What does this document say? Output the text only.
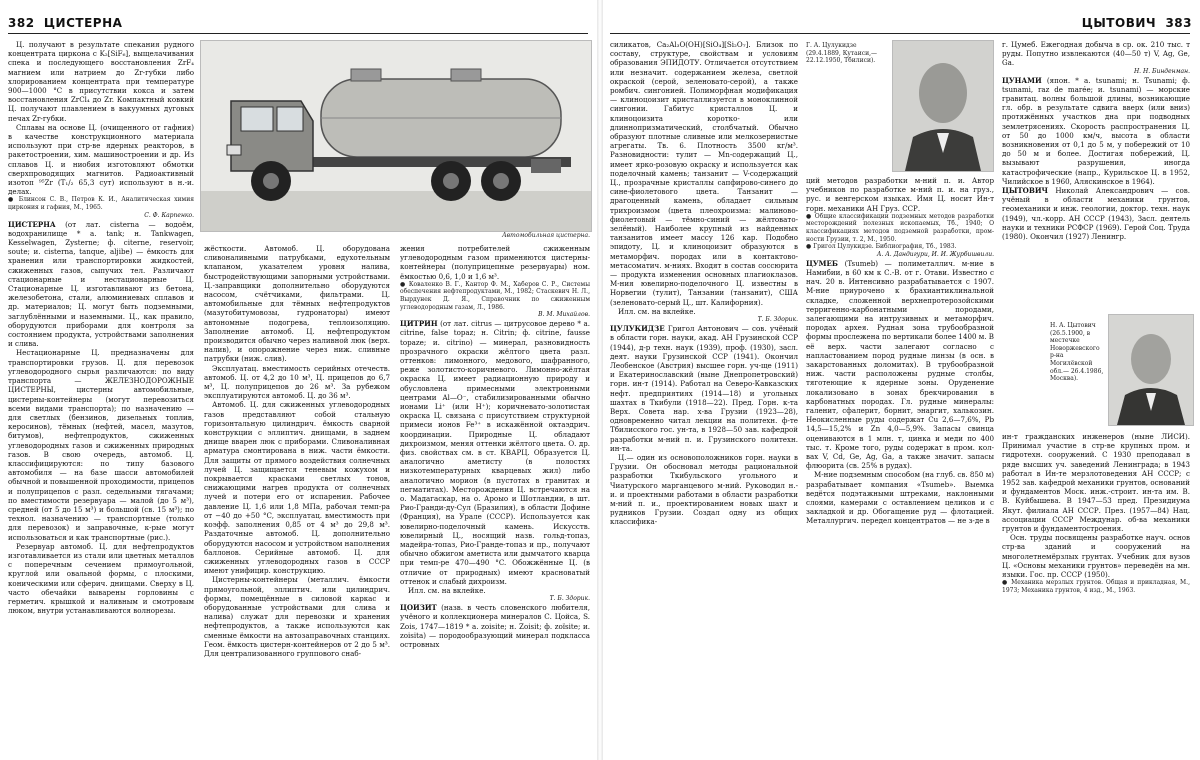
382 ЦИСТЕРНА

Ц. получают в результате спекания рудного концентрата циркона с K₂[SiF₆], выщелачивания спека и последующего восстановления ZrF₄ магнием или натрием до Zr-губки либо хлорированием концентрата при температуре 900—1000 °C в присутствии кокса и затем восстановления ZrCl₄ до Zr. Компактный ковкий Ц. получают плавлением в вакуумных дуговых печах Zr-губки.

Сплавы на основе Ц. (очищенного от гафния) в качестве конструкционного материала используют при стр-ве ядерных реакторов, в ракетостроении, хим. машиностроении и др. Из сплавов Ц. и ниобия изготовляют обмотки сверхпроводящих магнитов. Радиоактивный изотоп ⁹⁵Zr (T₁/₂ 65,3 сут) используют в н.-и. делах.

● Блинсон С. В., Петров К. И., Аналитическая химия циркония и гафния, М., 1965.

С. Ф. Карпенко.

ЦИСТЕРНА (от лат. cisterna — водоём, водохранилище * а. tank; н. Tankwagen, Kesselwagen, Zysterne; ф. citerne, reservoir, soute; и. cisterna, tanque, aljibe) — ёмкость для хранения или транспортировки жидкостей, сжиженных газов, сыпучих тел. Различают стационарные и нестационарные Ц. Стационарные Ц. изготавливают из бетона, железобетона, стали, алюминиевых сплавов и др. материалов; Ц. могут быть подземными, заглублёнными и наземными. Ц., как правило, оборудуются приборами для контроля за состоянием продукта, устройствами заполнения и слива.

Нестационарные Ц. предназначены для транспортировки грузов. Ц. для перевозок углеводородного сырья различаются: по виду транспорта — ЖЕЛЕЗНОДОРОЖНЫЕ ЦИСТЕРНЫ, цистерны автомобильные, цистерны-контейнеры (могут перевозиться всеми видами транспорта); по назначению — для светлых (бензинов, дизельных топлив, керосинов), тёмных (нефтей, масел, мазутов, битумов), нефтепродуктов, сжиженных углеводородных газов и сжиженных природных газов. В свою очередь, автомоб. Ц. классифицируются: по типу базового автомобиля — на базе шасси автомобилей обычной и повышенной проходимости, прицепов и полуприцепов с разл. седельными тягачами; по вместимости резервуара — малой (до 5 м³), средней (от 5 до 15 м³) и большой (св. 15 м³); по технол. назначению — транспортные (только для перевозок) и заправочные, к-рые могут использоваться и как транспортные (рис.).

Резервуар автомоб. Ц. для нефтепродуктов изготавливается из стали или цветных металлов с поперечным сечением прямоугольной, круглой или овальной формы, с плоскими, коническими или сферич. днищами. Сверху в Ц. часто обечайки выварены горловины с герметич. крышкой и наливным и смотровым люком, внутри устанавливаются волнорезы.

Автомобильная цистерна.

жёсткости. Автомоб. Ц. оборудована сливоналивными патрубками, едухотельным клапаном, указателем уровня налива, быстродействующими запорными устройствами. Ц.-заправщики дополнительно оборудуются насосом, счётчиками, фильтрами. Ц. автомобильные для тёмных нефтепродуктов (мазутобитумовозы, гудронаторы) имеют автономные подогрева, теплоизоляцию. Заполнение автомоб. Ц. нефтепродуктом производится обычно через наливной люк (верх. налив), и опорожнение через ниж. сливные патрубки (ниж. слив).

Эксплуатац. вместимость серийных отечеств. автомоб. Ц. от 4,2 до 10 м³, Ц. прицепов до 6,7 м³, Ц. полуприцепов до 26 м³. За рубежом эксплуатируются автомоб. Ц. до 36 м³.

Автомоб. Ц. для сжиженных углеводородных газов представляют собой стальную горизонтальную цилиндрич. ёмкость сварной конструкции с эллиптич. днищами, в заднем днище вварен люк с приборами. Сливоналивная арматура смонтирована в ниж. части ёмкости. Для защиты от прямого воздействия солнечных лучей Ц. защищается теневым кожухом и покрывается красками светлых тонов, снижающими нагрев продукта от солнечных лучей и потери его от испарения. Рабочее давление Ц. 1,6 или 1,8 МПа, рабочая темп-ра от −40 до +50 °C, эксплуатац. вместимость при коэфф. заполнения 0,85 от 4 м³ до 29,8 м³. Раздаточные автомоб. Ц. дополнительно оборудуются насосом и устройством наполнения баллонов. Серийные автомоб. Ц. для сжиженных углеводородных газов в СССР имеют унифицир. конструкцию.

Цистерны-контейнеры (металлич. ёмкости прямоугольной, эллиптич. или цилиндрич. формы, помещённые в силовой каркас и оборудованные устройствами для слива и налива) служат для перевозки и хранения нефтепродуктов, а также используются как сменные ёмкости на автозаправочных станциях. Геом. ёмкость цистерн-контейнеров от 2 до 5 м³. Для централизованного группового снаб-

жения потребителей сжиженным углеводородным газом применяются цистерны-контейнеры (полуприцепные резервуары) ном. ёмкостью 0,6, 1,0 и 1,6 м³.

● Коваленко В. Г., Кантор Ф. М., Хаберов С. Р., Системы обеспечения нефтепродуктами, М., 1982; Стаскевич Н. Л., Вырдунек Д. Я., Справочник по сжиженным углеводородным газам, Л., 1986.

В. М. Михайлов.

ЦИТРИН (от лат. citrus — цитрусовое дерево * а. citrine, false topaz; н. Citrin; ф. citrine, fausse topaze; и. citrino) — минерал, разновидность прозрачного окраски жёлтого цвета разл. оттенков: лимонного, медового, шафранного, реже золотисто-коричневого. Лимонно-жёлтая окраска Ц. имеет радиационную природу и обусловлена примесными электронными центрами Al—O⁻, стабилизированными обычно ионами Li⁺ (или H⁺); коричневато-золотистая окраска Ц. связана с присутствием структурной примеси ионов Fe³⁺ в искажённой октаэдрич. координации. Природные Ц. обладают дихроизмом, меняя оттенки жёлтого цвета. О. др. физ. свойствах см. в ст. КВАРЦ. Образуется Ц. аналогично аметисту (в полостях низкотемпературных кварцевых жил) либо аналогично морион (в пустотах в гранитах и пегматитах). Месторождения Ц. встречаются на о. Мадагаскар, на о. Ароыо и Шотландии, в шт. Рио-Гранди-ду-Сул (Бразилия), в области Дофине (Франция), на Урале (СССР). Используется как ювелирно-поделочный камень. Искусств. ювелирный Ц., носящий назв. гольд-топаз, мадейра-топаз, Рио-Гранде-топаз и пр., получают обычно обжигом аметиста или дымчатого кварца при темп-ре 470—490 °C. Обожжённые Ц. (в отличие от природных) имеют красноватый оттенок и слабый дихроизм.

Илл. см. на вклейке.

Т. Б. Здорик.

ЦОИЗИТ (назв. в честь словенского любителя, учёного и коллекционера минералов С. Цойса, S. Zois, 1747—1819 * а. zoisite; н. Zoisit; ф. zoïsite; и. zoisita) — породообразующий минерал подкласса островных

ЦЫТОВИЧ 383

силикатов, Ca₂Al₃O(OH)[SiO₄][Si₂O₇]. Близок по составу, структуре, свойствам и условиям образования ЭПИДОТУ. Отличается отсутствием или незначит. содержанием железа, светлой окраской (серой, зеленовато-серой), а также ромбич. сингонией. Полиморфная модификация — клиноцоизит кристаллизуется в моноклинной сингонии. Габитус кристаллов Ц. и клиноцоизита коротко- или длиннопризматический, столбчатый. Обычно образуют плотные сливные или мелкозернистые агрегаты. Тв. 6. Плотность 3500 кг/м³. Разновидности: тулит — Mn-содержащий Ц., имеет ярко-розовую окраску и используется как поделочный камень; танзанит — V-содержащий Ц., прозрачные кристаллы сапфирово-синего до сине-фиолетового цвета. Танзанит — драгоценный камень, обладает сильным трихроизмом (цвета плеохроизма: малиново-фиолетовый — тёмно-синий — жёлтовато-зелёный). Наиболее крупный из найденных танзанитов имеет массу 126 кар. Подобно эпидоту, Ц. и клиноцоизит образуются в метаморфич. породах или в контактово-метасоматич. м-ниях. Входят в состав соссюрита — продукта изменения основных плагиоклазов. М-ния ювелирно-поделочного Ц. известны в Норвегии (тулит), Танзании (танзанит), США (зеленовато-серый Ц., шт. Калифорния).

Илл. см. на вклейке.

Т. Б. Здорик.

ЦУЛУКИДЗЕ Григол Антонович — сов. учёный в области горн. науки, акад. АН Грузинской ССР (1944), д-р техн. наук (1939), проф. (1930), засл. деят. науки Грузинской ССР (1941). Окончил Леобенское (Австрия) высшее горн. уч-ще (1911) и Екатеринославский (ныне Днепропетровский) горн. ин-т (1914). Работал на Северо-Кавказских нефт. предприятиях (1914—18) и угольных шахтах в Ткибули (1918—22). Пред. Горн. к-та Верх. Совета нар. х-ва Грузии (1923—28), одновременно читал лекции на политехн. ф-те Тбилисского гос. ун-та, в 1928—50 зав. кафедрой разработки м-ний п. и. Грузинского политехн. ин-та.

Ц.— один из основоположников горн. науки в Грузии. Он обосновал методы рациональной разработки Ткибульского угольного и Чиатурского марганцевого м-ний. Руководил н.-и. и проектными работами в области разработки м-ний п. и., проектированием новых шахт и рудников Грузии. Создал одну из общих классифика-

Г. А. Цулукидзе (29.4.1889, Кутаиси,— 22.12.1950, Тбилиси).

ций методов разработки м-ний п. и. Автор учебников по разработке м-ний п. и. на груз., рус. и венгерском языках. Имя Ц. носит Ин-т горн. механики АН Груз. ССР.

● Общие классификации подземных методов разработки месторождений полезных ископаемых, Тб., 1940; О классификациях методов подземной разработки, пром-ности Грузии, т. 2, М., 1950.

● Григол Цулукидзе. Библиография, Тб., 1983.

А. А. Дандигури, И. И. Журбишвили.

ЦУМЕБ (Tsumeb) — полиметаллич. м-ние в Намибии, в 60 км к С.-В. от г. Отави. Известно с нач. 20 в. Интенсивно разрабатывается с 1907. М-ние приурочено к брахиантиклинальной складке, сложенной верхнепротерозойскими терригенно-карбонатными породами, залегающими на интрузивных и метаморфич. породах архея. Рудная зона трубообразной формы прослежена по вертикали более 1400 м. В её верх. части залегают согласно с напластованием пород рудные линзы (в осн. в закарстованных доломитах). В трубообразной ниж. части расположены рудные столбы, тяготеющие к ядерные зоны. Оруденение локализовано в зонах брекчирования в карбонатных породах. Гл. рудные минералы: галенит, сфалерит, борнит, энаргит, халькозин. Неокисленные руды содержат Cu 2,6—7,6%, Pb 14,5—15,2% и Zn 4,0—5,9%. Запасы свинца оцениваются в 1 млн. т, цинка и меди по 400 тыс. т. Кроме того, руды содержат в пром. кол-вах V, Cd, Ge, Ag, Ga, а также значит. запасы флюорита (св. 25% в рудах).

М-ние подземным способом (на глуб. св. 850 м) разрабатывает компания «Tsumeb». Выемка ведётся подэтажными штреками, наклонными слоями, камерами с оставлением целиков и с закладкой и др. Обогащение руд — флотацией. Металлургич. передел концентратов — не з-де в

г. Цумеб. Ежегодная добыча в ср. ок. 210 тыс. т руды. Попутно извлекаются (40—50 т) V, Ag, Ge, Ga.

Н. Н. Бинденман.

ЦУНАМИ (япон. * а. tsunami; н. Tsunami; ф. tsunami, raz de marée; и. tsunami) — морские гравитац. волны большой длины, возникающие гл. обр. в результате сдвига вверх (или вниз) протяжённых участков дна при подводных землетрясениях. Скорость распространения Ц. от 50 до 1000 км/ч, высота в области возникновения от 0,1 до 5 м, у побережий от 10 до 50 м и более. Достигая побережий, Ц. вызывают разрушения, иногда катастрофические (напр., Курильское Ц. в 1952, Чилийское в 1960, Аляскинское в 1964).

ЦЫТОВИЧ Николай Александрович — сов. учёный в области механики грунтов, геомеханики и инж. геологии, доктор. техн. наук (1949), чл.-корр. АН СССР (1943), Засл. деятель науки и техники РСФСР (1969). Герой Соц. Труда (1980). Окончил (1927) Ленингр.

Н. А. Цытович (26.5.1900, в местечке Новоржевского р-на Могилёвской обл.— 26.4.1986, Москва).

ин-т гражданских инженеров (ныне ЛИСИ). Принимал участие в стр-ве крупных пром. и гидротехн. сооружений. С 1930 преподавал в ряде высших уч. заведений Ленинграда; в 1943 работал в Ин-те мерзлотоведения АН СССР; с 1952 зав. кафедрой механики грунтов, оснований и фундаментов Моск. инж.-строит. ин-та им. В. В. Куйбышева. В 1947—53 пред. Президиума Якут. филиала АН СССР. През. (1957—84) Нац. ассоциации СССР Междунар. об-ва механики грунтов и фундаментостроения.

Осн. труды посвящены разработке науч. основ стр-ва зданий и сооружений на многолетнемёрзлых грунтах. Учебник для вузов Ц. «Основы механики грунтов» переведён на мн. языки. Гос. пр. СССР (1950).

● Механика мерзлых грунтов. Общая и прикладная, М., 1973; Механика грунтов, 4 изд., М., 1963.
